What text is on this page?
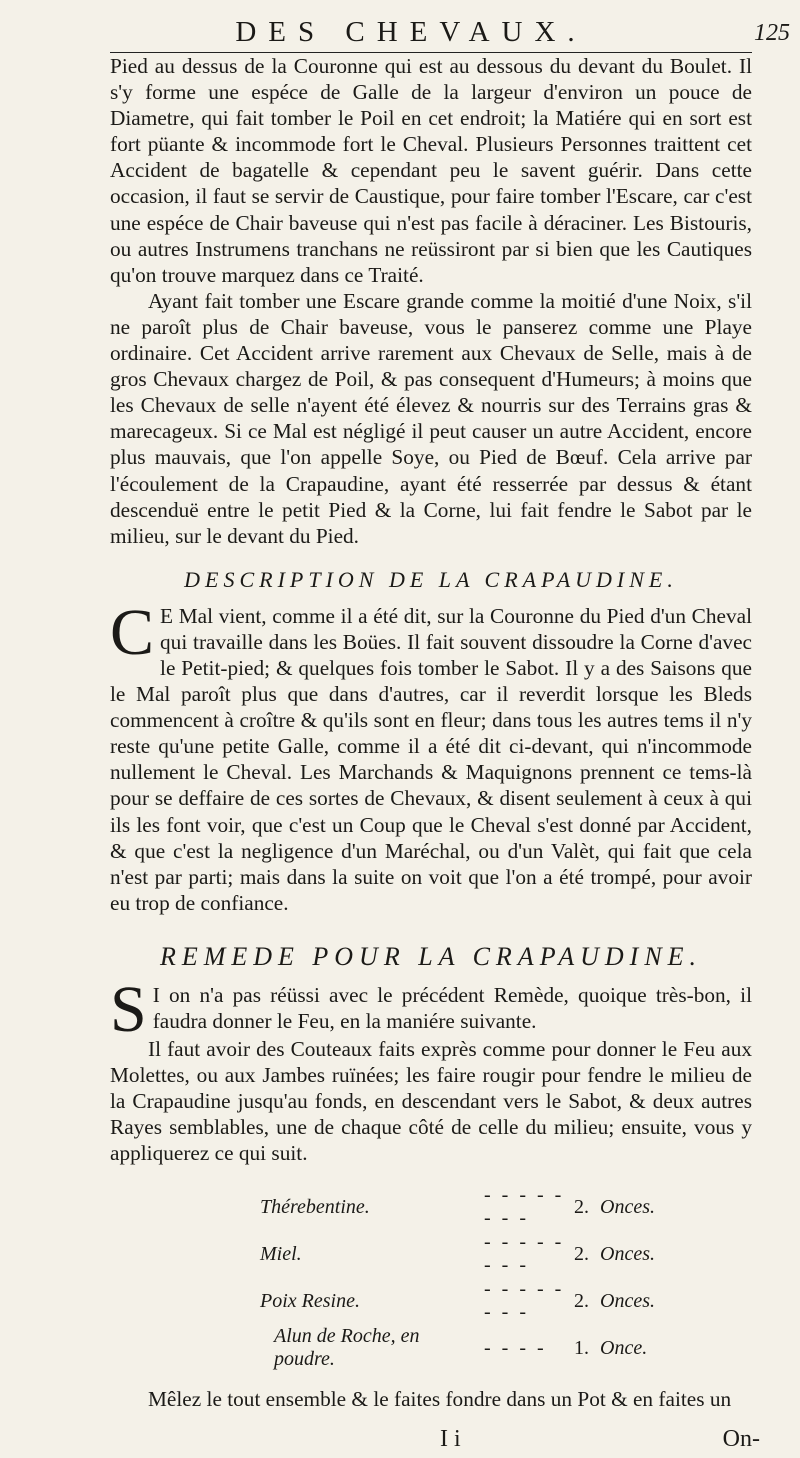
DES CHEVAUX.	125

Pied au dessus de la Couronne qui est au dessous du devant du Boulet. Il s'y forme une espéce de Galle de la largeur d'environ un pouce de Diametre, qui fait tomber le Poil en cet endroit; la Matiére qui en sort est fort püante & incommode fort le Cheval. Plusieurs Personnes traittent cet Accident de bagatelle & cependant peu le savent guérir. Dans cette occasion, il faut se servir de Caustique, pour faire tomber l'Escare, car c'est une espéce de Chair baveuse qui n'est pas facile à déraciner. Les Bistouris, ou autres Instrumens tranchans ne reüssiront par si bien que les Cautiques qu'on trouve marquez dans ce Traité.

Ayant fait tomber une Escare grande comme la moitié d'une Noix, s'il ne paroît plus de Chair baveuse, vous le panserez comme une Playe ordinaire. Cet Accident arrive rarement aux Chevaux de Selle, mais à de gros Chevaux chargez de Poil, & pas consequent d'Humeurs; à moins que les Chevaux de selle n'ayent été élevez & nourris sur des Terrains gras & marecageux. Si ce Mal est négligé il peut causer un autre Accident, encore plus mauvais, que l'on appelle Soye, ou Pied de Bœuf. Cela arrive par l'écoulement de la Crapaudine, ayant été resserrée par dessus & étant descenduë entre le petit Pied & la Corne, lui fait fendre le Sabot par le milieu, sur le devant du Pied.

DESCRIPTION DE LA CRAPAUDINE.

C E Mal vient, comme il a été dit, sur la Couronne du Pied d'un Cheval qui travaille dans les Boües. Il fait souvent dissoudre la Corne d'avec le Petit-pied; & quelques fois tomber le Sabot. Il y a des Saisons que le Mal paroît plus que dans d'autres, car il reverdit lorsque les Bleds commencent à croître & qu'ils sont en fleur; dans tous les autres tems il n'y reste qu'une petite Galle, comme il a été dit ci-devant, qui n'incommode nullement le Cheval. Les Marchands & Maquignons prennent ce tems-là pour se deffaire de ces sortes de Chevaux, & disent seulement à ceux à qui ils les font voir, que c'est un Coup que le Cheval s'est donné par Accident, & que c'est la negligence d'un Maréchal, ou d'un Valèt, qui fait que cela n'est par parti; mais dans la suite on voit que l'on a été trompé, pour avoir eu trop de confiance.

REMEDE POUR LA CRAPAUDINE.

S I on n'a pas réüssi avec le précédent Remède, quoique très-bon, il faudra donner le Feu, en la maniére suivante.

Il faut avoir des Couteaux faits exprès comme pour donner le Feu aux Molettes, ou aux Jambes ruïnées; les faire rougir pour fendre le milieu de la Crapaudine jusqu'au fonds, en descendant vers le Sabot, & deux autres Rayes semblables, une de chaque côté de celle du milieu; ensuite, vous y appliquerez ce qui suit.

Thérebentine.	- - - - - - - -	2.	Onces.
Miel.	- - - - - - - -	2.	Onces.
Poix Resine.	- - - - - - - -	2.	Onces.
Alun de Roche, en poudre.	- - - -	1.	Once.

Mêlez le tout ensemble & le faites fondre dans un Pot & en faites un

I i	On-
